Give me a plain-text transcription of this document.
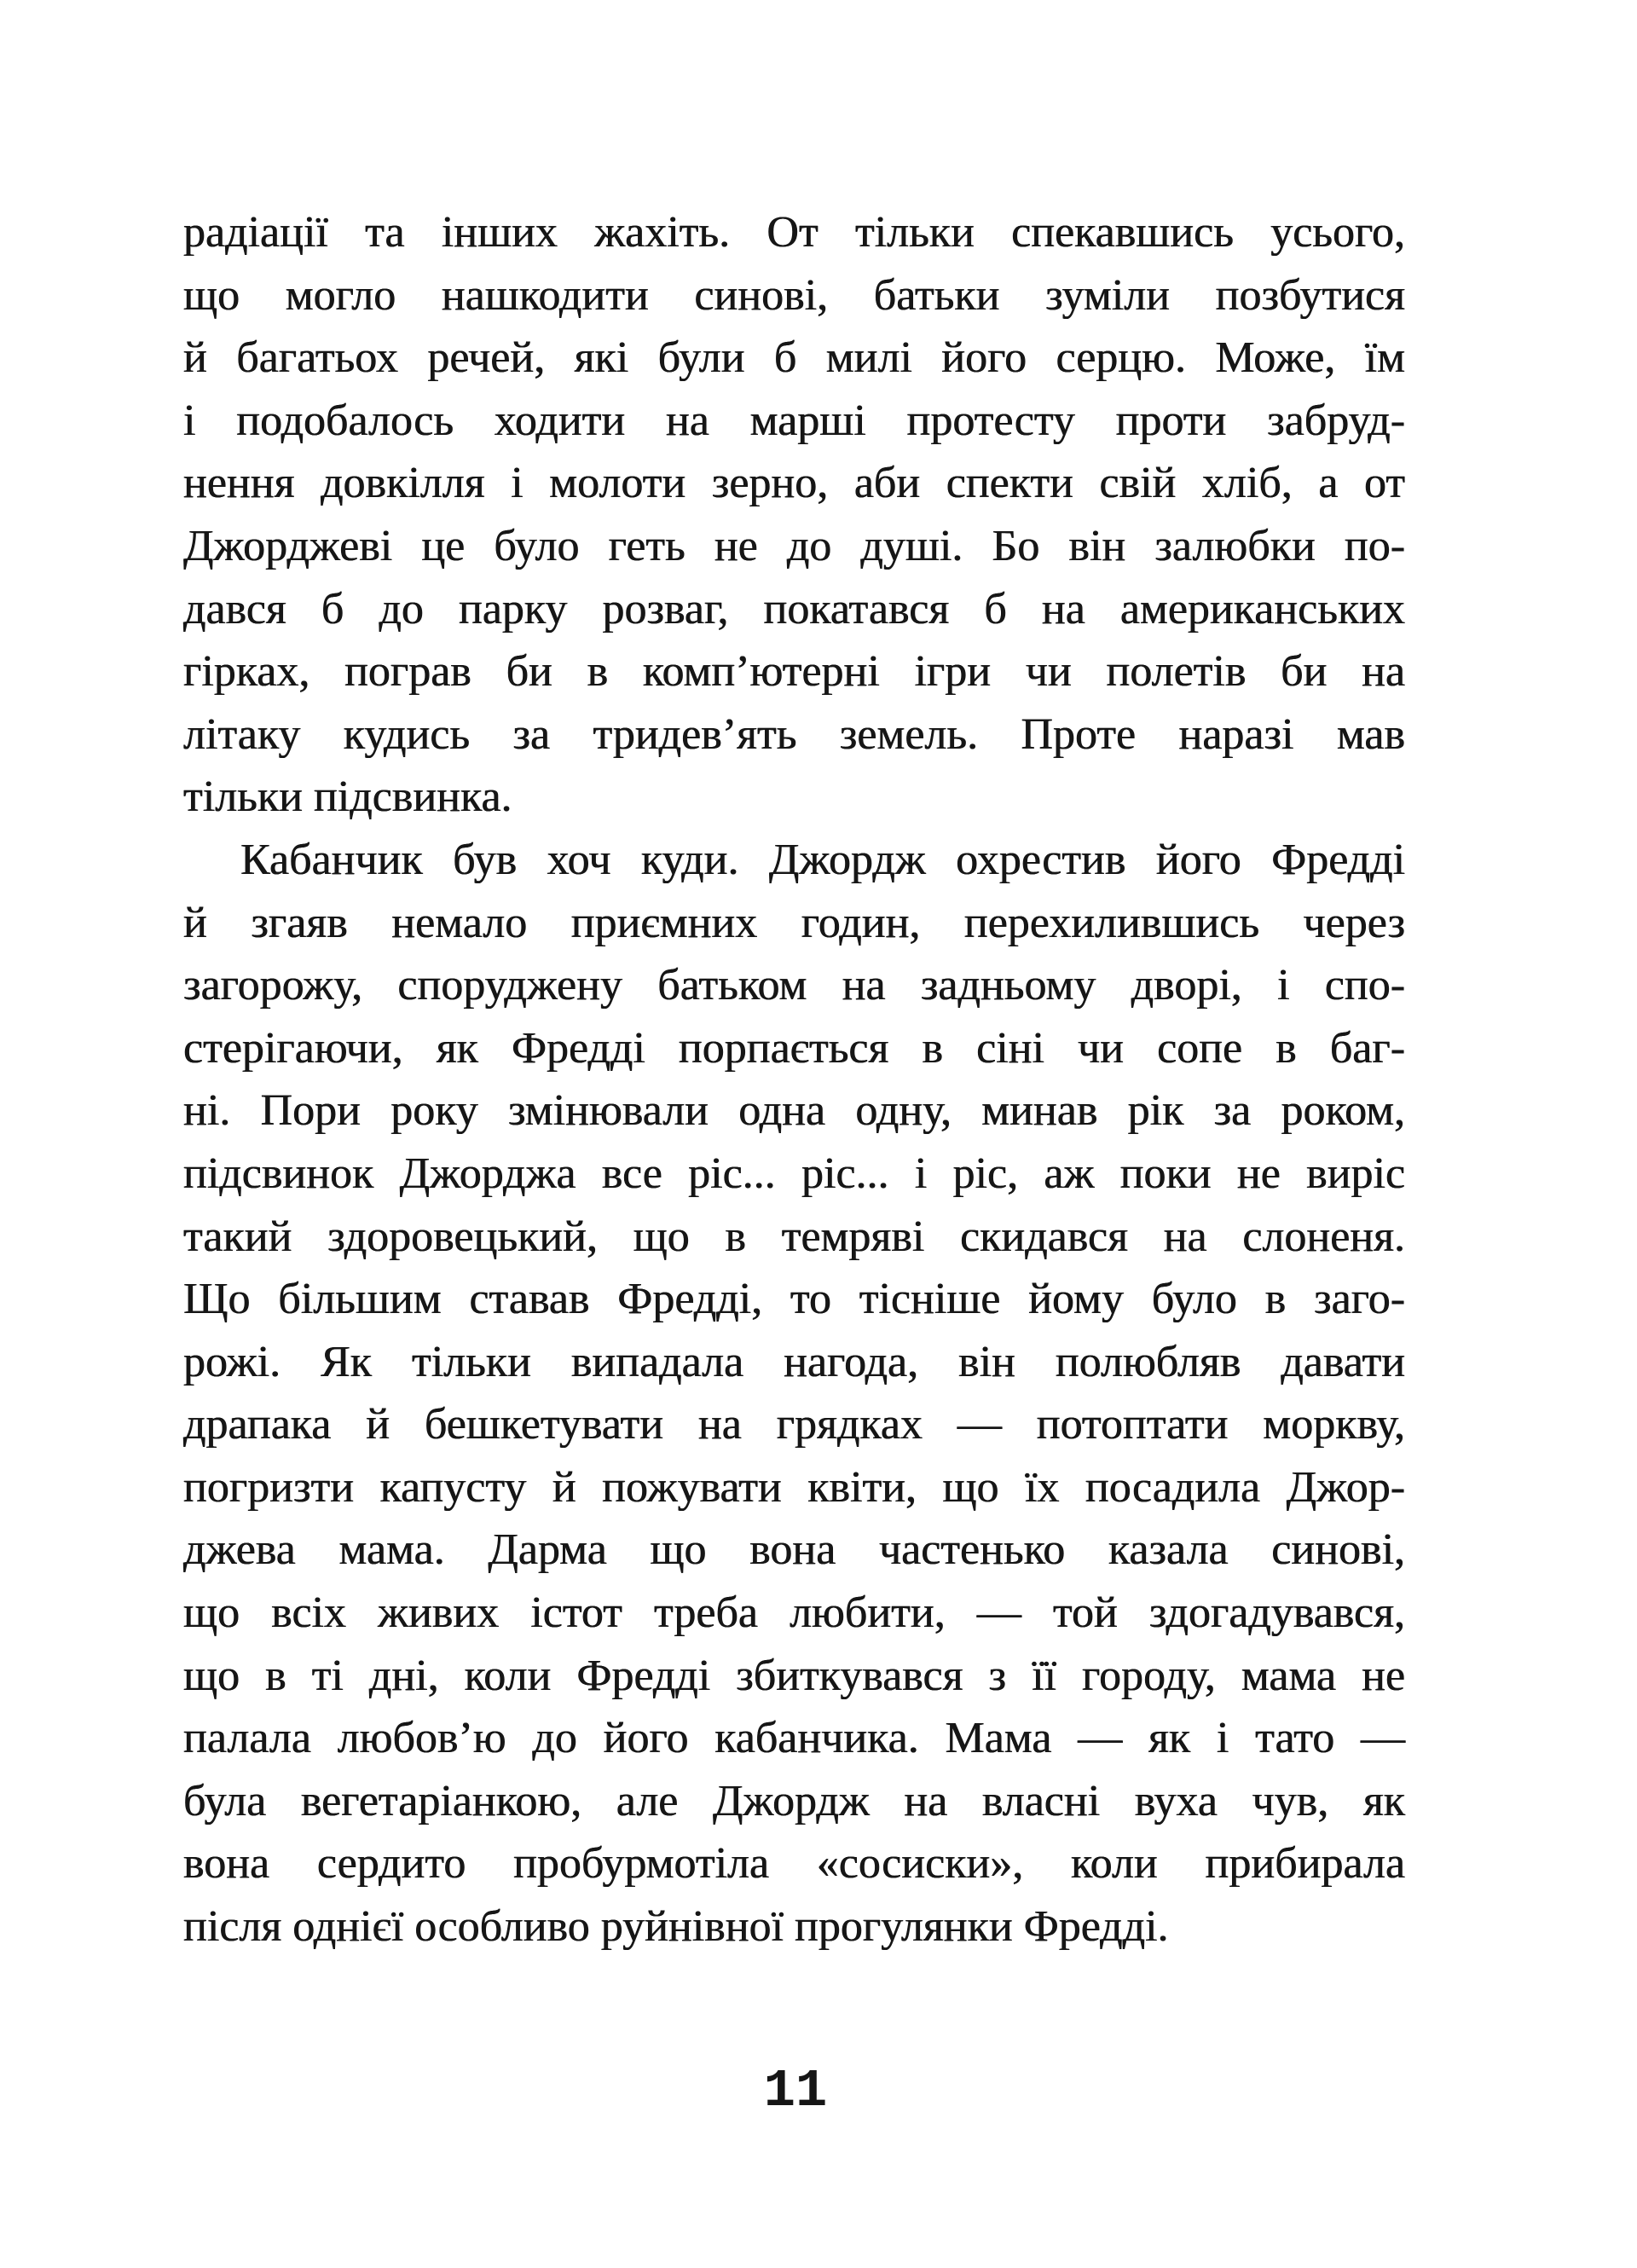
радіації та інших жахіть. От тільки спекавшись усього,
що могло нашкодити синові, батьки зуміли позбутися
й багатьох речей, які були б милі його серцю. Може, їм
і подобалось ходити на марші протесту проти забруд-
нення довкілля і молоти зерно, аби спекти свій хліб, а от
Джорджеві це було геть не до душі. Бо він залюбки по-
дався б до парку розваг, покатався б на американських
гірках, пограв би в комп’ютерні ігри чи полетів би на
літаку кудись за тридев’ять земель. Проте наразі мав
тільки підсвинка.
Кабанчик був хоч куди. Джордж охрестив його Фредді
й згаяв немало приємних годин, перехилившись через
загорожу, споруджену батьком на задньому дворі, і спо-
стерігаючи, як Фредді порпається в сіні чи сопе в баг-
ні. Пори року змінювали одна одну, минав рік за роком,
підсвинок Джорджа все ріс... ріс... і ріс, аж поки не виріс
такий здоровецький, що в темряві скидався на слоненя.
Що більшим ставав Фредді, то тісніше йому було в заго-
рожі. Як тільки випадала нагода, він полюбляв давати
драпака й бешкетувати на грядках — потоптати моркву,
погризти капусту й пожувати квіти, що їх посадила Джор-
джева мама. Дарма що вона частенько казала синові,
що всіх живих істот треба любити, — той здогадувався,
що в ті дні, коли Фредді збиткувався з її городу, мама не
палала любов’ю до його кабанчика. Мама — як і тато —
була вегетаріанкою, але Джордж на власні вуха чув, як
вона сердито пробурмотіла «сосиски», коли прибирала
після однієї особливо руйнівної прогулянки Фредді.
11
